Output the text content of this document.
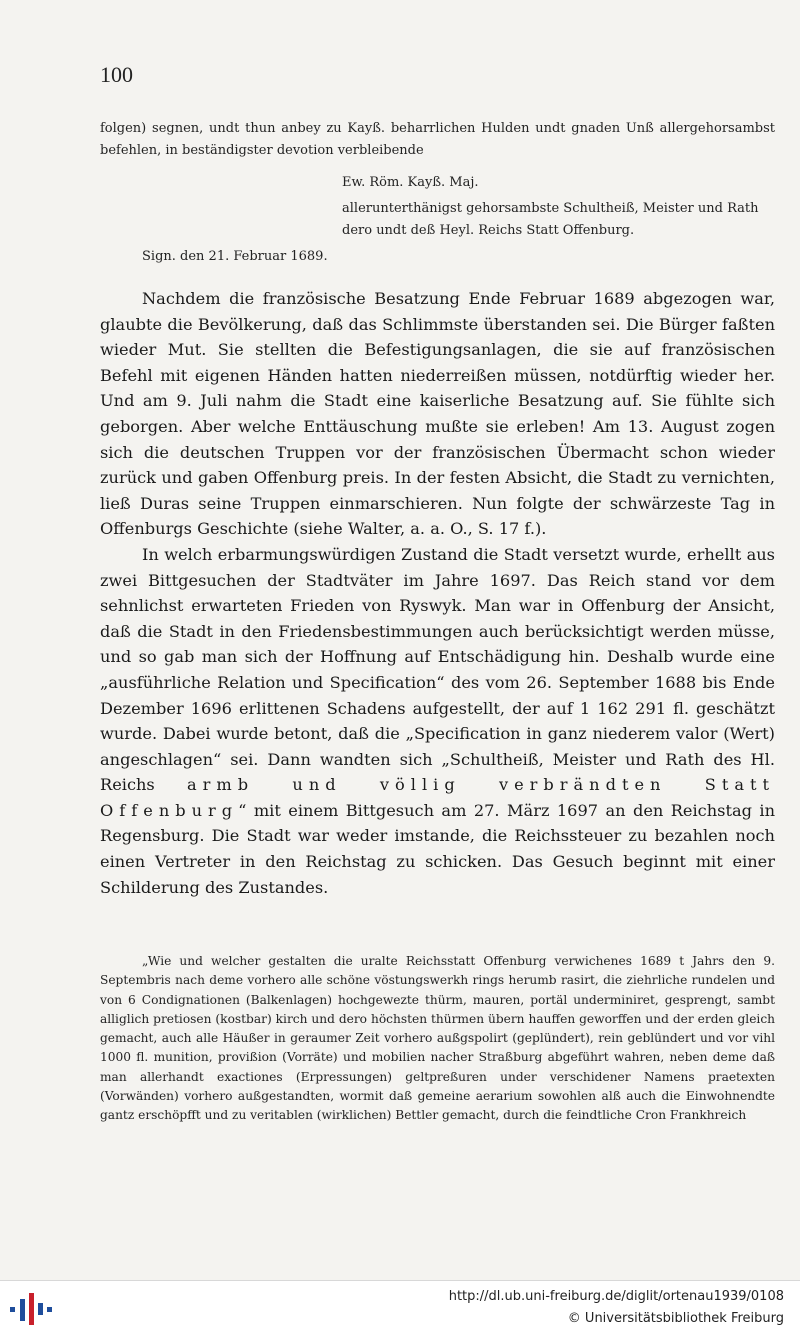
100
folgen) segnen, undt thun anbey zu Kayß. beharrlichen Hulden undt gnaden Unß allergehorsambst befehlen, in beständigster devotion verbleibende
Ew. Röm. Kayß. Maj.
allerunterthänigst gehorsambste Schultheiß, Meister und Rath dero undt deß Heyl. Reichs Statt Offenburg.
Sign. den 21. Februar 1689.

Nachdem die französische Besatzung Ende Februar 1689 abgezogen war, glaubte die Bevölkerung, daß das Schlimmste überstanden sei. Die Bürger faßten wieder Mut. Sie stellten die Befestigungsanlagen, die sie auf französischen Befehl mit eigenen Händen hatten niederreißen müssen, notdürftig wieder her. Und am 9. Juli nahm die Stadt eine kaiserliche Besatzung auf. Sie fühlte sich geborgen. Aber welche Enttäuschung mußte sie erleben! Am 13. August zogen sich die deutschen Truppen vor der französischen Übermacht schon wieder zurück und gaben Offenburg preis. In der festen Absicht, die Stadt zu vernichten, ließ Duras seine Truppen einmarschieren. Nun folgte der schwärzeste Tag in Offenburgs Geschichte (siehe Walter, a. a. O., S. 17 f.).

In welch erbarmungswürdigen Zustand die Stadt versetzt wurde, erhellt aus zwei Bittgesuchen der Stadtväter im Jahre 1697. Das Reich stand vor dem sehnlichst erwarteten Frieden von Ryswyk. Man war in Offenburg der Ansicht, daß die Stadt in den Friedensbestimmungen auch berücksichtigt werden müsse, und so gab man sich der Hoffnung auf Entschädigung hin. Deshalb wurde eine „ausführliche Relation und Specification“ des vom 26. September 1688 bis Ende Dezember 1696 erlittenen Schadens aufgestellt, der auf 1 162 291 fl. geschätzt wurde. Dabei wurde betont, daß die „Specification in ganz niederem valor (Wert) angeschlagen“ sei. Dann wandten sich „Schultheiß, Meister und Rath des Hl. Reichs armb und völlig verbrändten Statt Offenburg“ mit einem Bittgesuch am 27. März 1697 an den Reichstag in Regensburg. Die Stadt war weder imstande, die Reichssteuer zu bezahlen noch einen Vertreter in den Reichstag zu schicken. Das Gesuch beginnt mit einer Schilderung des Zustandes.

„Wie und welcher gestalten die uralte Reichsstatt Offenburg verwichenes 1689 t Jahrs den 9. Septembris nach deme vorhero alle schöne vöstungswerkh rings herumb rasirt, die ziehrliche rundelen und von 6 Condignationen (Balkenlagen) hochgewezte thürm, mauren, portäl underminiret, gesprengt, sambt alliglich pretiosen (kostbar) kirch und dero höchsten thürmen übern hauffen geworffen und der erden gleich gemacht, auch alle Häußer in geraumer Zeit vorhero außgspolirt (geplündert), rein geblündert und vor vihl 1000 fl. munition, provißion (Vorräte) und mobilien nacher Straßburg abgeführt wahren, neben deme daß man allerhandt exactiones (Erpressungen) geltpreßuren under verschidener Namens praetexten (Vorwänden) vorhero außgestandten, wormit daß gemeine aerarium sowohlen alß auch die Einwohnendte gantz erschöpfft und zu veritablen (wirklichen) Bettler gemacht, durch die feindtliche Cron Frankhreich

http://dl.ub.uni-freiburg.de/diglit/ortenau1939/0108
© Universitätsbibliothek Freiburg
